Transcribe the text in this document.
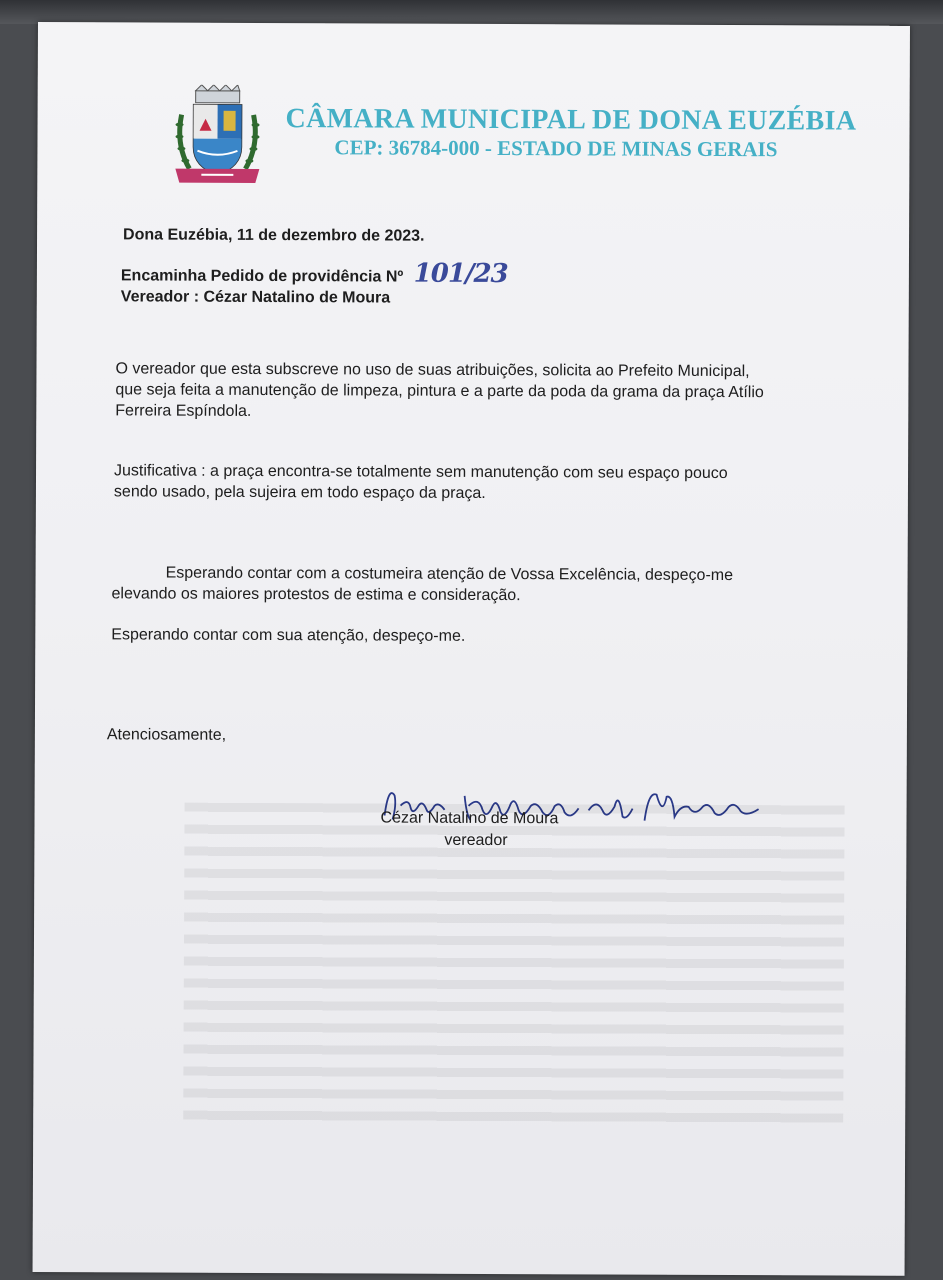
CÂMARA MUNICIPAL DE DONA EUZÉBIA
CEP: 36784-000 - ESTADO DE MINAS GERAIS
Dona Euzébia, 11 de dezembro de 2023.
Encaminha Pedido de providência Nº 101/23
Vereador : Cézar Natalino de Moura
O vereador que esta subscreve no uso de suas atribuições, solicita ao Prefeito Municipal,
que seja feita a manutenção de limpeza, pintura e a parte da poda da grama da praça Atílio
Ferreira Espíndola.
Justificativa : a praça encontra-se totalmente sem manutenção com seu espaço pouco
sendo usado, pela sujeira em todo espaço da praça.
Esperando contar com a costumeira atenção de Vossa Excelência, despeço-me
elevando os maiores protestos de estima e consideração.
Esperando contar com sua atenção, despeço-me.
Atenciosamente,
Cézar Natalino de Moura
vereador
